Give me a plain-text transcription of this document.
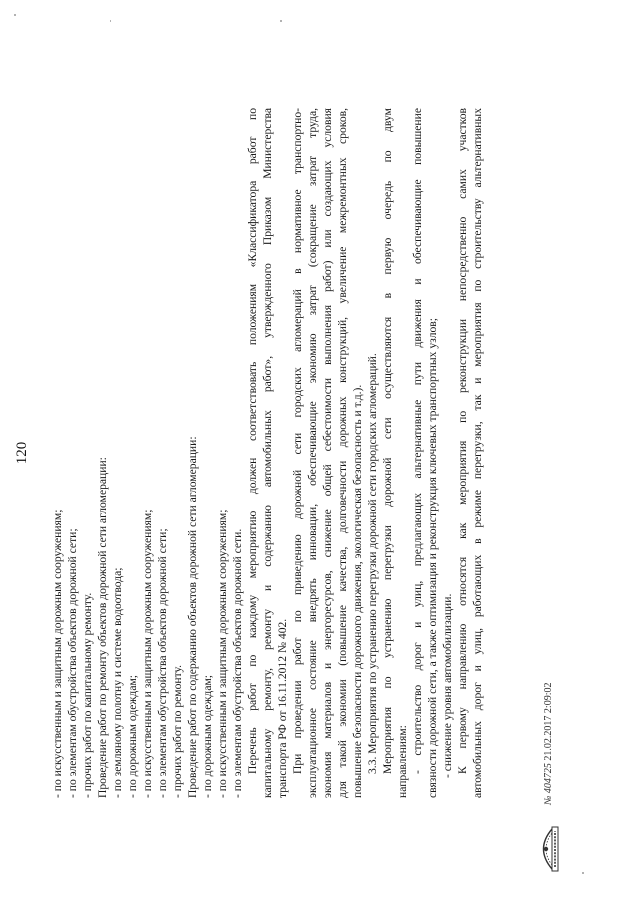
120
- по искусственным и защитным дорожным сооружениям; - по элементам обустройства объектов дорожной сети; - прочих работ по капитальному ремонту. Проведение работ по ремонту объектов дорожной сети агломерации: - по земляному полотну и системе водоотвода; - по дорожным одеждам; - по искусственным и защитным дорожным сооружениям; - по элементам обустройства объектов дорожной сети; - прочих работ по ремонту. Проведение работ по содержанию объектов дорожной сети агломерации: - по дорожным одеждам; - по искусственным и защитным дорожным сооружениям; - по элементам обустройства объектов дорожной сети. Перечень работ по каждому мероприятию должен соответствовать положениям «Классификатора работ по капитальному ремонту, ремонту и содержанию автомобильных работ», утвержденного Приказом Министерства транспорта РФ от 16.11.2012 № 402. При проведении работ по приведению дорожной сети городских агломераций в нормативное транспортно- эксплуатационное состояние внедрять инновации, обеспечивающие экономию затрат (сокращение затрат труда, экономия материалов и энергоресурсов, снижение общей себестоимости выполнения работ) или создающих условия для такой экономии (повышение качества, долговечности дорожных конструкций, увеличение межремонтных сроков, повышение безопасности дорожного движения, экологическая безопасность и т.д.). 3.3. Мероприятия по устранению перегрузки дорожной сети городских агломераций. Мероприятия по устранению перегрузки дорожной сети осуществляются в первую очередь по двум направлениям: - строительство дорог и улиц, предлагающих альтернативные пути движения и обеспечивающие повышение связности дорожной сети, а также оптимизация и реконструкция ключевых транспортных узлов; - снижение уровня автомобилизации. К первому направлению относятся как мероприятия по реконструкции непосредственно самих участков автомобильных дорог и улиц, работающих в режиме перегрузки, так и мероприятия по строительству альтернативных	№ 404725 21.02.2017 2:09:02
